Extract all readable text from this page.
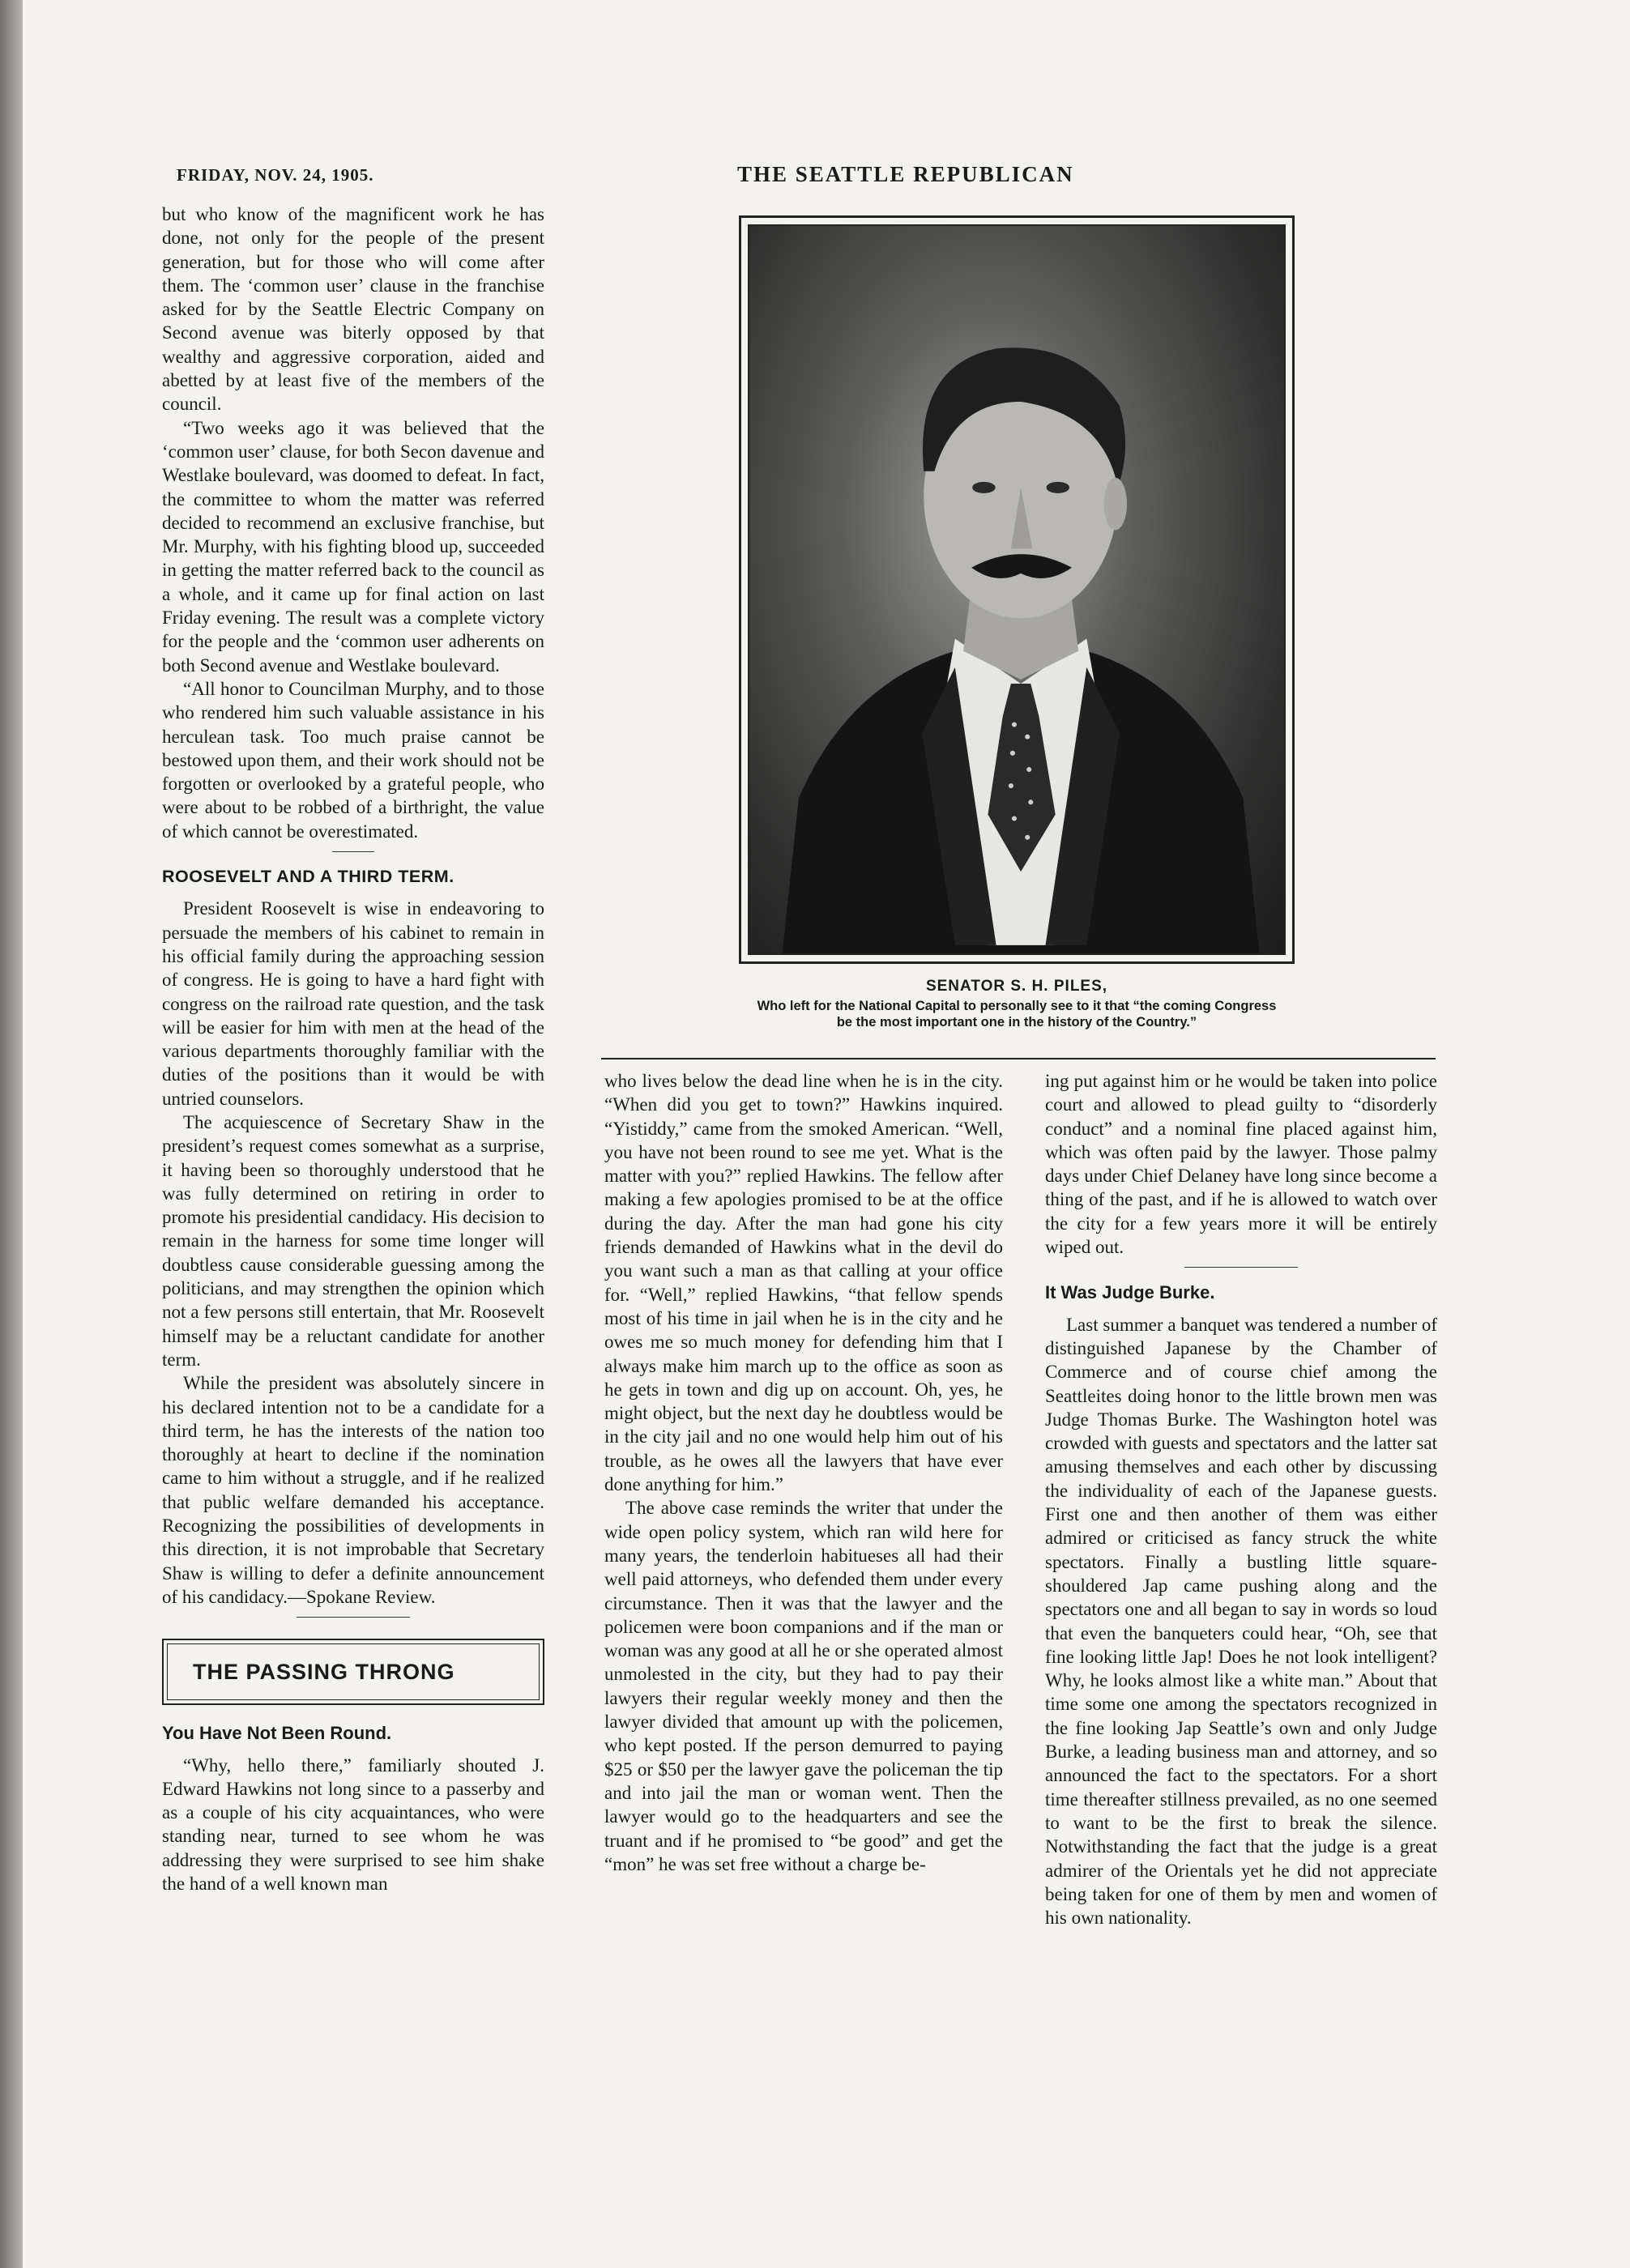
FRIDAY, NOV. 24, 1905.	THE SEATTLE REPUBLICAN

but who know of the magnificent work he has done, not only for the people of the present generation, but for those who will come after them. The ‘common user’ clause in the franchise asked for by the Seattle Electric Company on Second avenue was biterly opposed by that wealthy and aggressive corporation, aided and abetted by at least five of the members of the council.

“Two weeks ago it was believed that the ‘common user’ clause, for both Secon davenue and Westlake boulevard, was doomed to defeat. In fact, the committee to whom the matter was referred decided to recommend an exclusive franchise, but Mr. Murphy, with his fighting blood up, succeeded in getting the matter referred back to the council as a whole, and it came up for final action on last Friday evening. The result was a complete victory for the people and the ‘common user adherents on both Second avenue and Westlake boulevard.

“All honor to Councilman Murphy, and to those who rendered him such valuable assistance in his herculean task. Too much praise cannot be bestowed upon them, and their work should not be forgotten or overlooked by a grateful people, who were about to be robbed of a birthright, the value of which cannot be overestimated.

ROOSEVELT AND A THIRD TERM.

President Roosevelt is wise in endeavoring to persuade the members of his cabinet to remain in his official family during the approaching session of congress. He is going to have a hard fight with congress on the railroad rate question, and the task will be easier for him with men at the head of the various departments thoroughly familiar with the duties of the positions than it would be with untried counselors.

The acquiescence of Secretary Shaw in the president’s request comes somewhat as a surprise, it having been so thoroughly understood that he was fully determined on retiring in order to promote his presidential candidacy. His decision to remain in the harness for some time longer will doubtless cause considerable guessing among the politicians, and may strengthen the opinion which not a few persons still entertain, that Mr. Roosevelt himself may be a reluctant candidate for another term.

While the president was absolutely sincere in his declared intention not to be a candidate for a third term, he has the interests of the nation too thoroughly at heart to decline if the nomination came to him without a struggle, and if he realized that public welfare demanded his acceptance. Recognizing the possibilities of developments in this direction, it is not improbable that Secretary Shaw is willing to defer a definite announcement of his candidacy.—Spokane Review.

THE PASSING THRONG
You Have Not Been Round.

“Why, hello there,” familiarly shouted J. Edward Hawkins not long since to a passerby and as a couple of his city acquaintances, who were standing near, turned to see whom he was addressing they were surprised to see him shake the hand of a well known man

SENATOR S. H. PILES,
Who left for the National Capital to personally see to it that “the coming Congress be the most important one in the history of the Country.”

who lives below the dead line when he is in the city. “When did you get to town?” Hawkins inquired. “Yistiddy,” came from the smoked American. “Well, you have not been round to see me yet. What is the matter with you?” replied Hawkins. The fellow after making a few apologies promised to be at the office during the day. After the man had gone his city friends demanded of Hawkins what in the devil do you want such a man as that calling at your office for. “Well,” replied Hawkins, “that fellow spends most of his time in jail when he is in the city and he owes me so much money for defending him that I always make him march up to the office as soon as he gets in town and dig up on account. Oh, yes, he might object, but the next day he doubtless would be in the city jail and no one would help him out of his trouble, as he owes all the lawyers that have ever done anything for him.”

The above case reminds the writer that under the wide open policy system, which ran wild here for many years, the tenderloin habitueses all had their well paid attorneys, who defended them under every circumstance. Then it was that the lawyer and the policemen were boon companions and if the man or woman was any good at all he or she operated almost unmolested in the city, but they had to pay their lawyers their regular weekly money and then the lawyer divided that amount up with the policemen, who kept posted. If the person demurred to paying $25 or $50 per the lawyer gave the policeman the tip and into jail the man or woman went. Then the lawyer would go to the headquarters and see the truant and if he promised to “be good” and get the “mon” he was set free without a charge be-

ing put against him or he would be taken into police court and allowed to plead guilty to “disorderly conduct” and a nominal fine placed against him, which was often paid by the lawyer. Those palmy days under Chief Delaney have long since become a thing of the past, and if he is allowed to watch over the city for a few years more it will be entirely wiped out.

It Was Judge Burke.

Last summer a banquet was tendered a number of distinguished Japanese by the Chamber of Commerce and of course chief among the Seattleites doing honor to the little brown men was Judge Thomas Burke. The Washington hotel was crowded with guests and spectators and the latter sat amusing themselves and each other by discussing the individuality of each of the Japanese guests. First one and then another of them was either admired or criticised as fancy struck the white spectators. Finally a bustling little square-shouldered Jap came pushing along and the spectators one and all began to say in words so loud that even the banqueters could hear, “Oh, see that fine looking little Jap! Does he not look intelligent? Why, he looks almost like a white man.” About that time some one among the spectators recognized in the fine looking Jap Seattle’s own and only Judge Burke, a leading business man and attorney, and so announced the fact to the spectators. For a short time thereafter stillness prevailed, as no one seemed to want to be the first to break the silence. Notwithstanding the fact that the judge is a great admirer of the Orientals yet he did not appreciate being taken for one of them by men and women of his own nationality.
